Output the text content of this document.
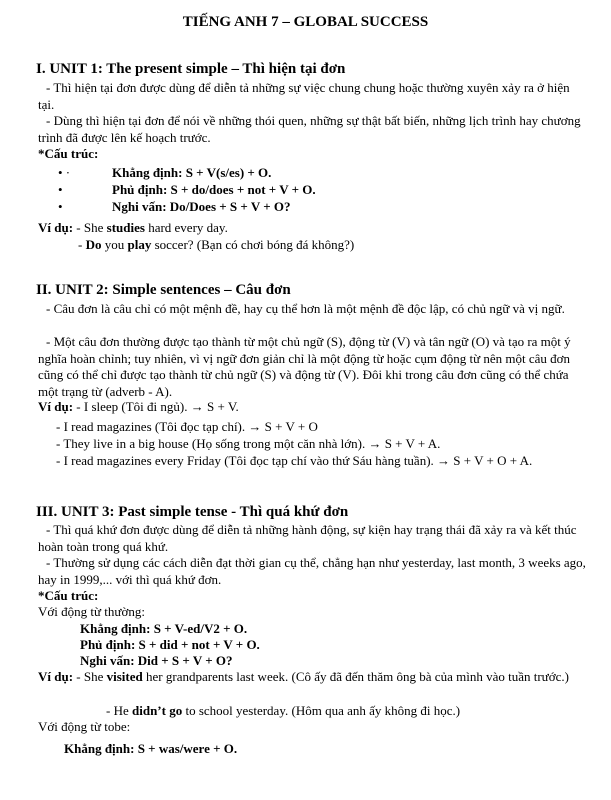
TIẾNG ANH 7 – GLOBAL SUCCESS
I. UNIT 1: The present simple – Thì hiện tại đơn
- Thì hiện tại đơn được dùng để diễn tả những sự việc chung chung hoặc thường xuyên xảy ra ở hiện tại.
- Dùng thì hiện tại đơn để nói về những thói quen, những sự thật bất biến, những lịch trình hay chương trình đã được lên kế hoạch trước.
*Cấu trúc:
• ·	Khẳng định: S + V(s/es) + O.
•	Phủ định: S + do/does + not + V + O.
•	Nghi vấn: Do/Does + S + V + O?
Ví dụ: - She studies hard every day.
- Do you play soccer? (Bạn có chơi bóng đá không?)
II. UNIT 2: Simple sentences – Câu đơn
- Câu đơn là câu chỉ có một mệnh đề, hay cụ thể hơn là một mệnh đề độc lập, có chủ ngữ và vị ngữ.
- Một câu đơn thường được tạo thành từ một chủ ngữ (S), động từ (V) và tân ngữ (O) và tạo ra một ý nghĩa hoàn chỉnh; tuy nhiên, vì vị ngữ đơn giản chỉ là một động từ hoặc cụm động từ nên một câu đơn cũng có thể chỉ được tạo thành từ chủ ngữ (S) và động từ (V). Đôi khi trong câu đơn cũng có thể chứa một trạng từ (adverb - A).
Ví dụ: - I sleep (Tôi đi ngủ). → S + V.
- I read magazines (Tôi đọc tạp chí). → S + V + O
- They live in a big house (Họ sống trong một căn nhà lớn). → S + V + A.
- I read magazines every Friday (Tôi đọc tạp chí vào thứ Sáu hàng tuần). → S + V + O + A.
III. UNIT 3: Past simple tense - Thì quá khứ đơn
- Thì quá khứ đơn được dùng để diễn tả những hành động, sự kiện hay trạng thái đã xảy ra và kết thúc hoàn toàn trong quá khứ.
- Thường sử dụng các cách diễn đạt thời gian cụ thể, chẳng hạn như yesterday, last month, 3 weeks ago, hay in 1999,... với thì quá khứ đơn.
*Cấu trúc:
Với động từ thường:
Khẳng định: S + V-ed/V2 + O.
Phủ định: S + did + not + V + O.
Nghi vấn: Did + S + V + O?
Ví dụ: - She visited her grandparents last week. (Cô ấy đã đến thăm ông bà của mình vào tuần trước.)
- He didn’t go to school yesterday. (Hôm qua anh ấy không đi học.)
Với động từ tobe:
Khẳng định: S + was/were + O.
